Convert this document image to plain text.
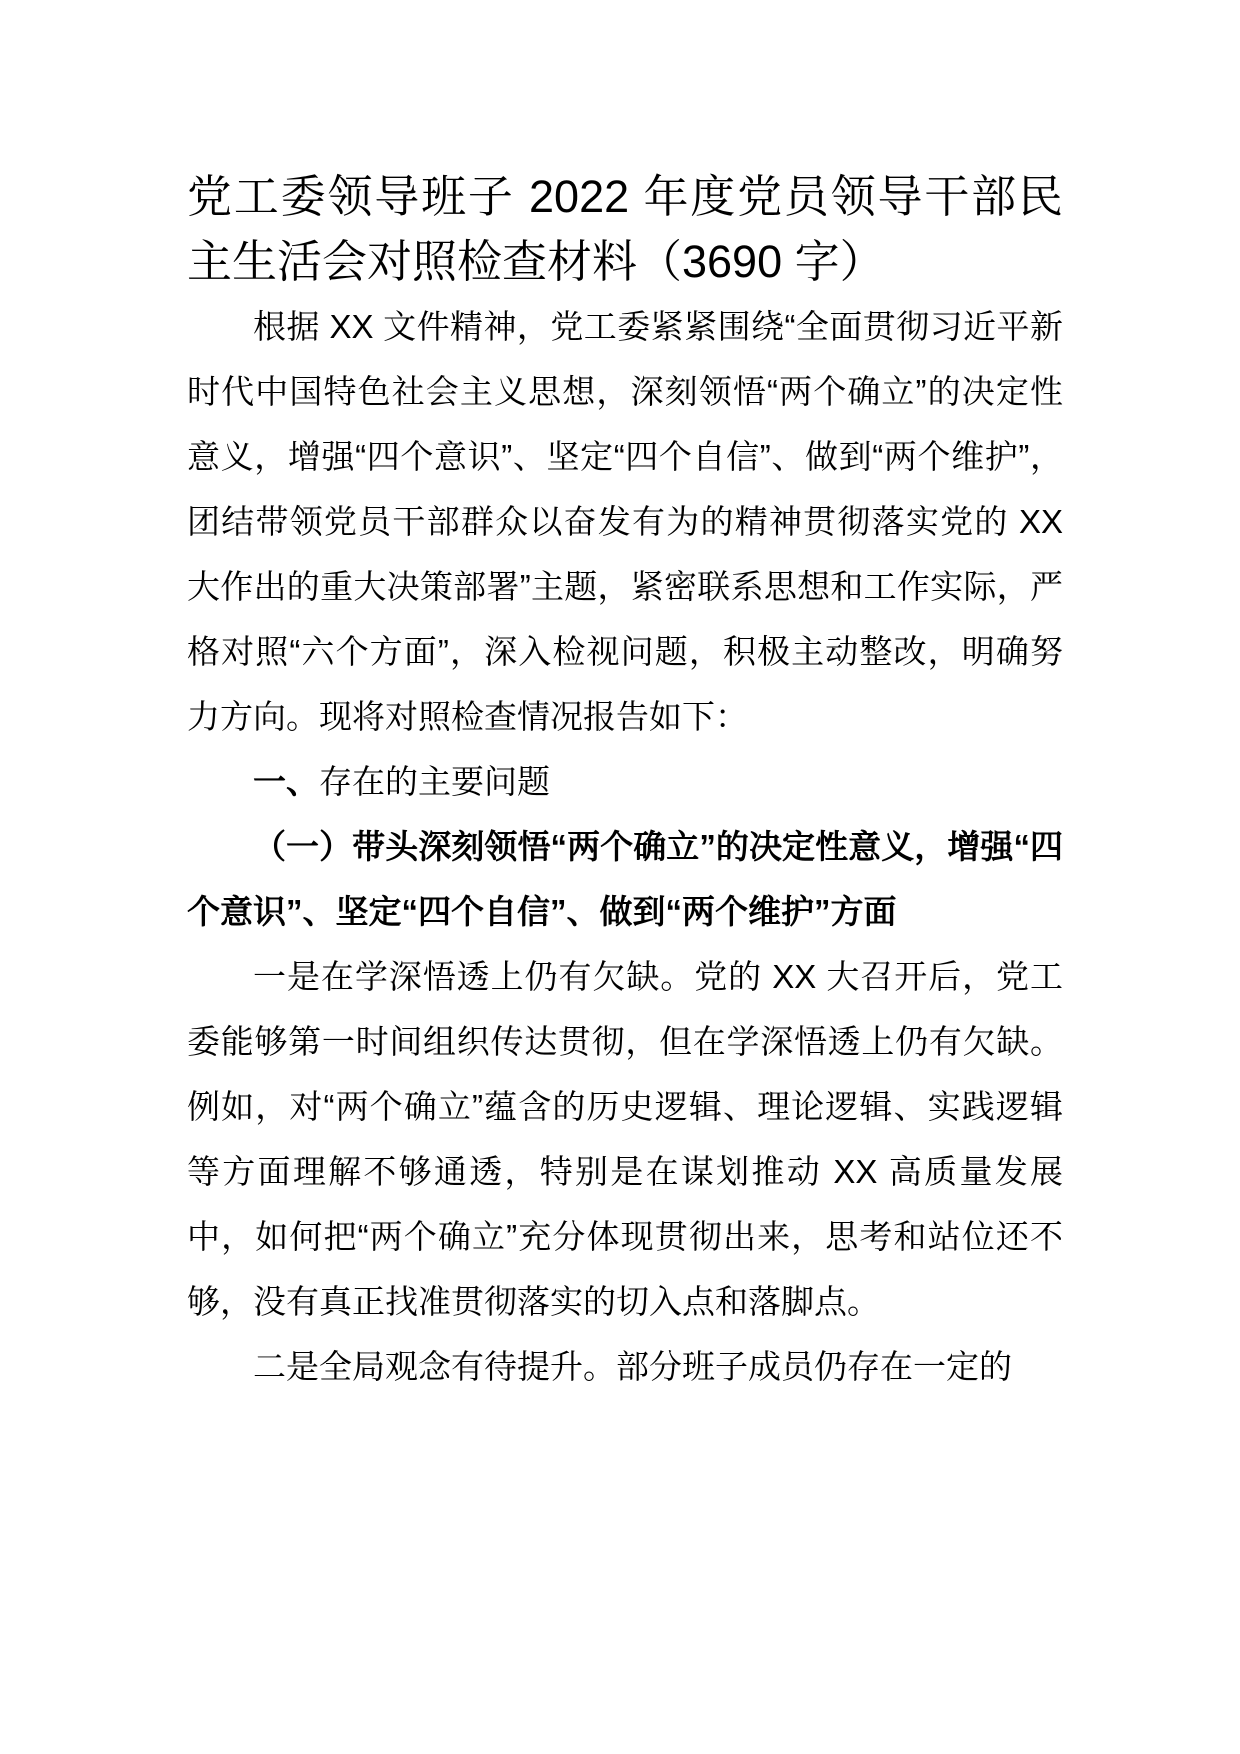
党工委领导班子 2022 年度党员领导干部民主生活会对照检查材料（3690 字）

根据 XX 文件精神，党工委紧紧围绕“全面贯彻习近平新时代中国特色社会主义思想，深刻领悟“两个确立”的决定性意义，增强“四个意识”、坚定“四个自信”、做到“两个维护”，团结带领党员干部群众以奋发有为的精神贯彻落实党的 XX 大作出的重大决策部署”主题，紧密联系思想和工作实际，严格对照“六个方面”，深入检视问题，积极主动整改，明确努力方向。现将对照检查情况报告如下：

一、存在的主要问题

（一）带头深刻领悟“两个确立”的决定性意义，增强“四个意识”、坚定“四个自信”、做到“两个维护”方面

一是在学深悟透上仍有欠缺。党的 XX 大召开后，党工委能够第一时间组织传达贯彻，但在学深悟透上仍有欠缺。例如，对“两个确立”蕴含的历史逻辑、理论逻辑、实践逻辑等方面理解不够通透，特别是在谋划推动 XX 高质量发展中，如何把“两个确立”充分体现贯彻出来，思考和站位还不够，没有真正找准贯彻落实的切入点和落脚点。

二是全局观念有待提升。部分班子成员仍存在一定的
